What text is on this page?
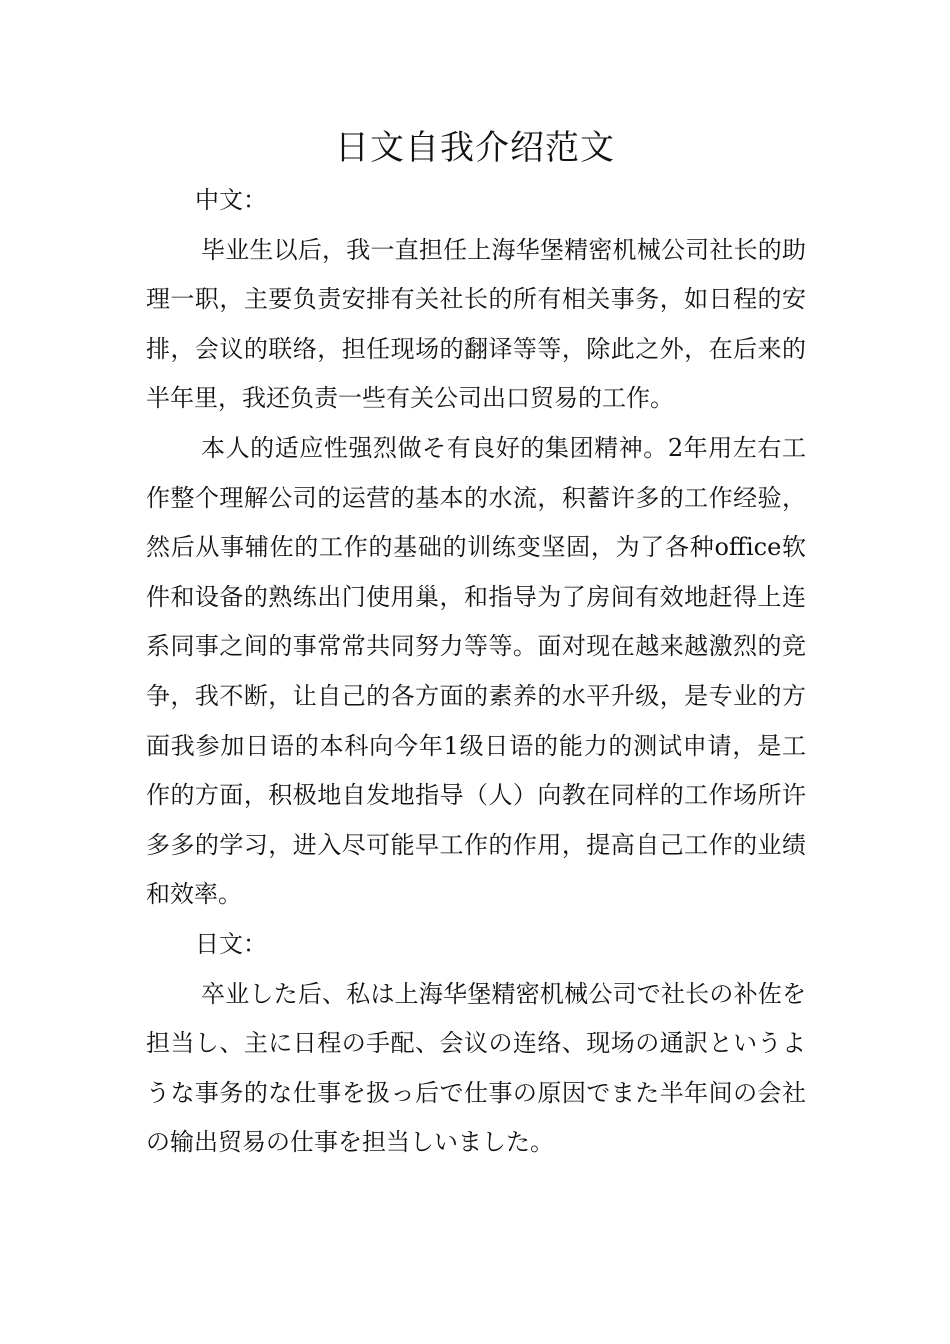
日文自我介绍范文

中文：

毕业生以后，我一直担任上海华堡精密机械公司社长的助理一职，主要负责安排有关社长的所有相关事务，如日程的安排，会议的联络，担任现场的翻译等等，除此之外，在后来的半年里，我还负责一些有关公司出口贸易的工作。

本人的适应性强烈做そ有良好的集团精神。2年用左右工作整个理解公司的运营的基本的水流，积蓄许多的工作经验，然后从事辅佐的工作的基础的训练变坚固，为了各种office软件和设备的熟练出门使用巢，和指导为了房间有效地赶得上连系同事之间的事常常共同努力等等。面对现在越来越激烈的竞争，我不断，让自己的各方面的素养的水平升级，是专业的方面我参加日语的本科向今年1级日语的能力的测试申请，是工作的方面，积极地自发地指导（人）向教在同样的工作场所许多多的学习，进入尽可能早工作的作用，提高自己工作的业绩和效率。

日文：

卒业した后、私は上海华堡精密机械公司で社长の补佐を担当し、主に日程の手配、会议の连络、现场の通訳というような事务的な仕事を扱っ后で仕事の原因でまた半年间の会社の输出贸易の仕事を担当しいました。
